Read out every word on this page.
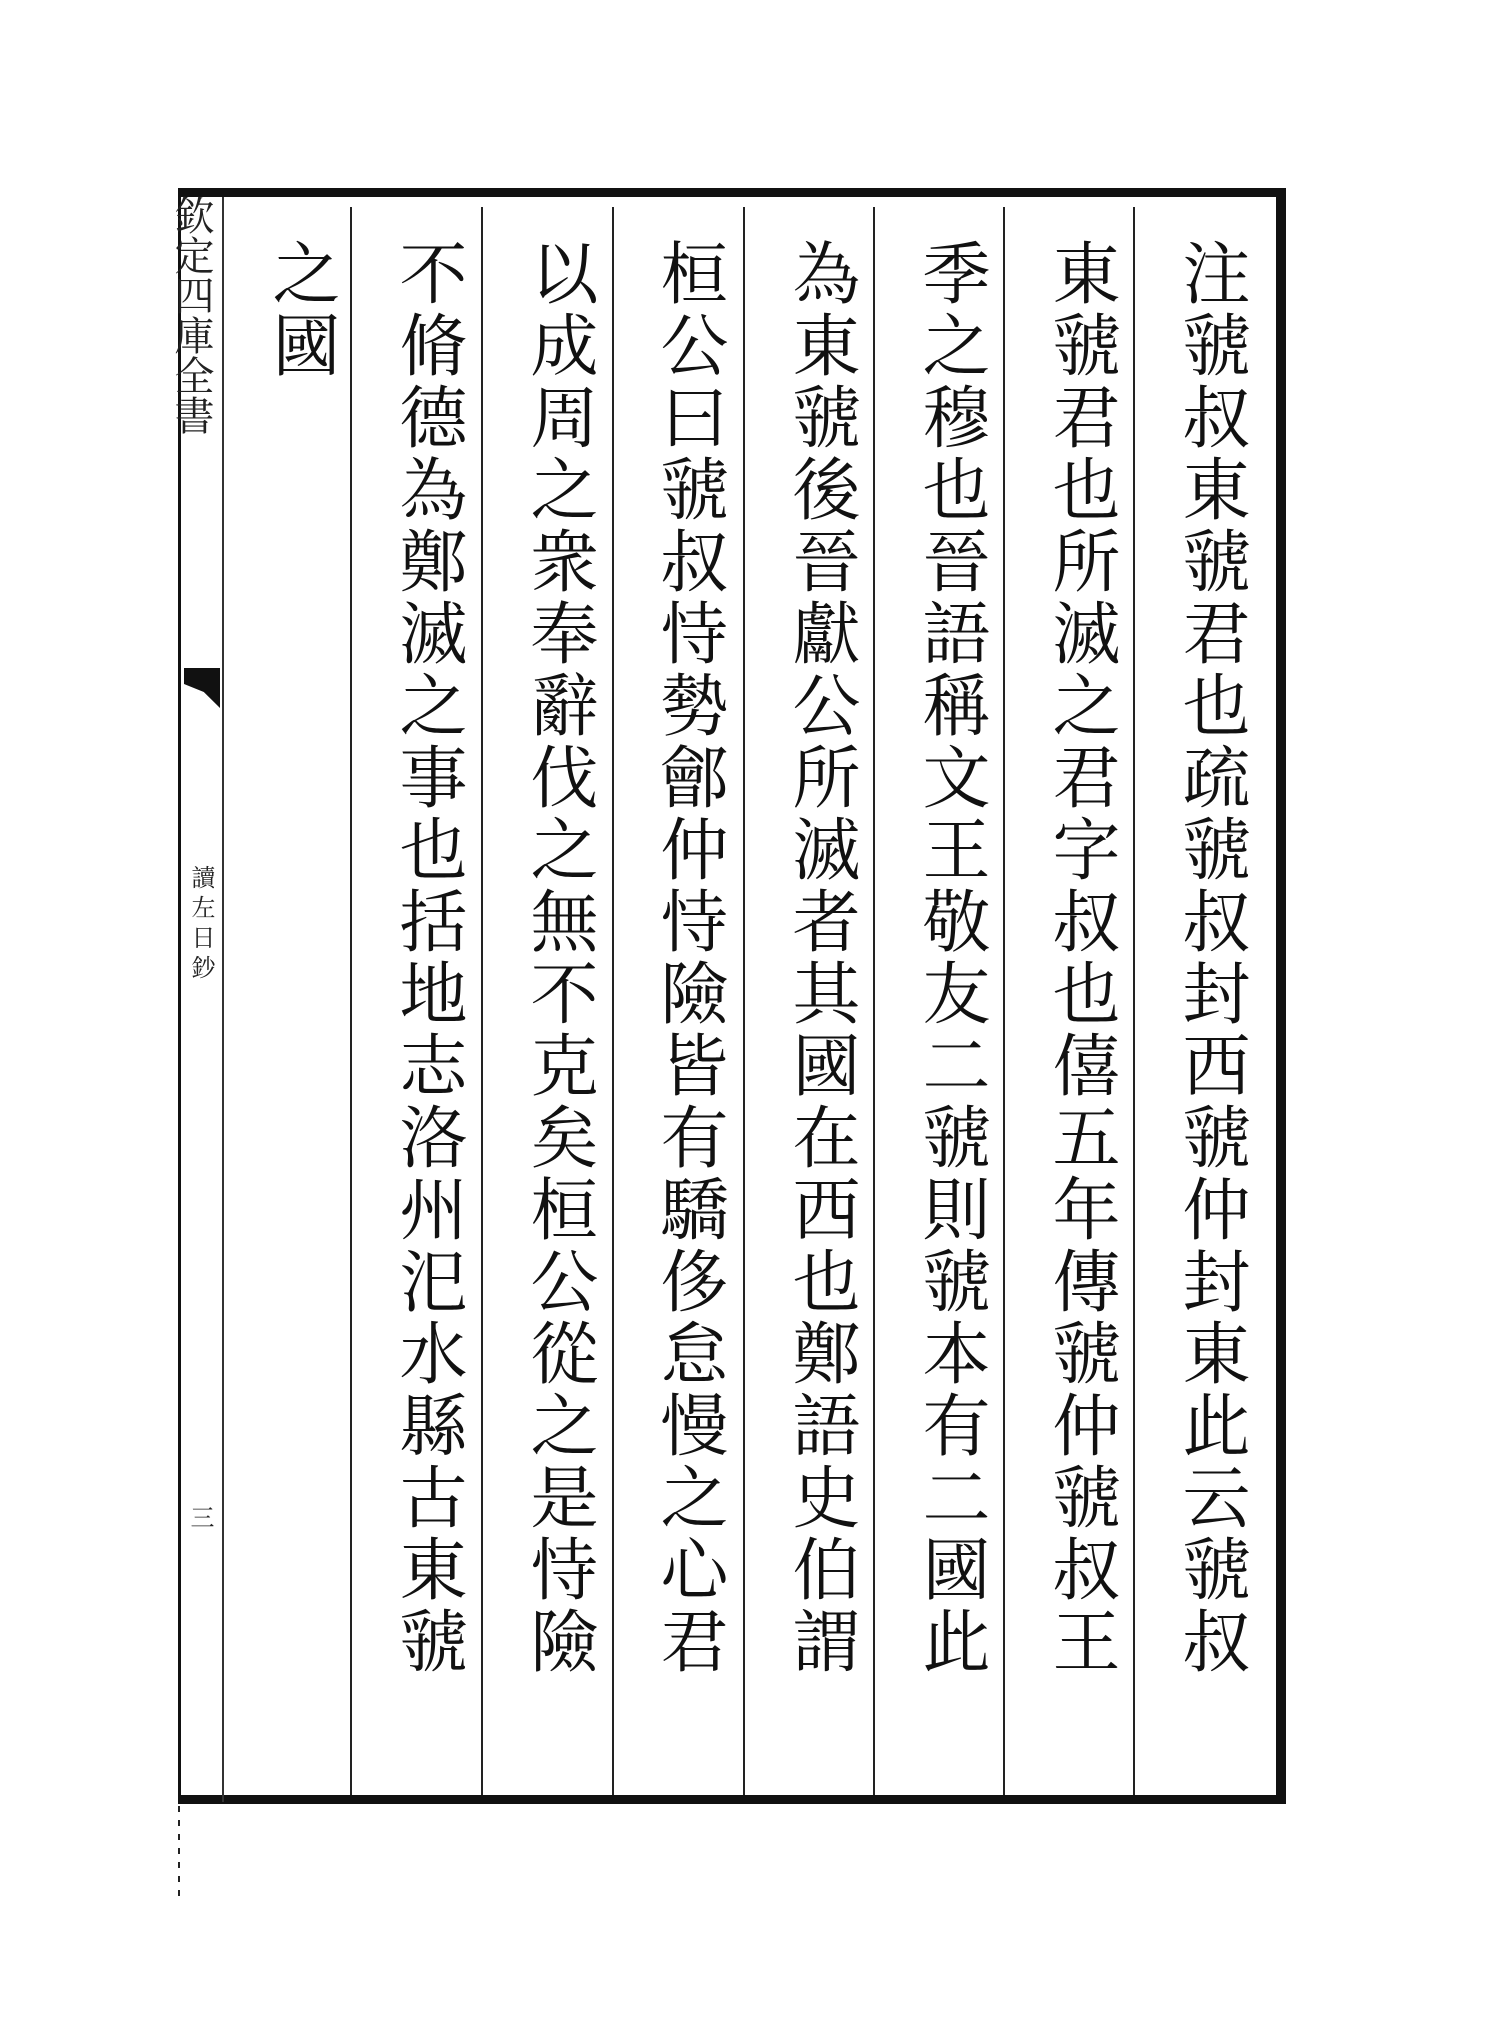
欽定四庫全書
讀左日鈔
三	注虢叔東虢君也疏虢叔封西虢仲封東此云虢叔
東虢君也所滅之君字叔也僖五年傳虢仲虢叔王
季之穆也晉語稱文王敬友二虢則虢本有二國此
為東虢後晉獻公所滅者其國在西也鄭語史伯謂
桓公曰虢叔恃勢鄶仲恃險皆有驕侈怠慢之心君
以成周之衆奉辭伐之無不克矣桓公從之是恃險
不脩德為鄭滅之事也括地志洛州汜水縣古東虢
之國
